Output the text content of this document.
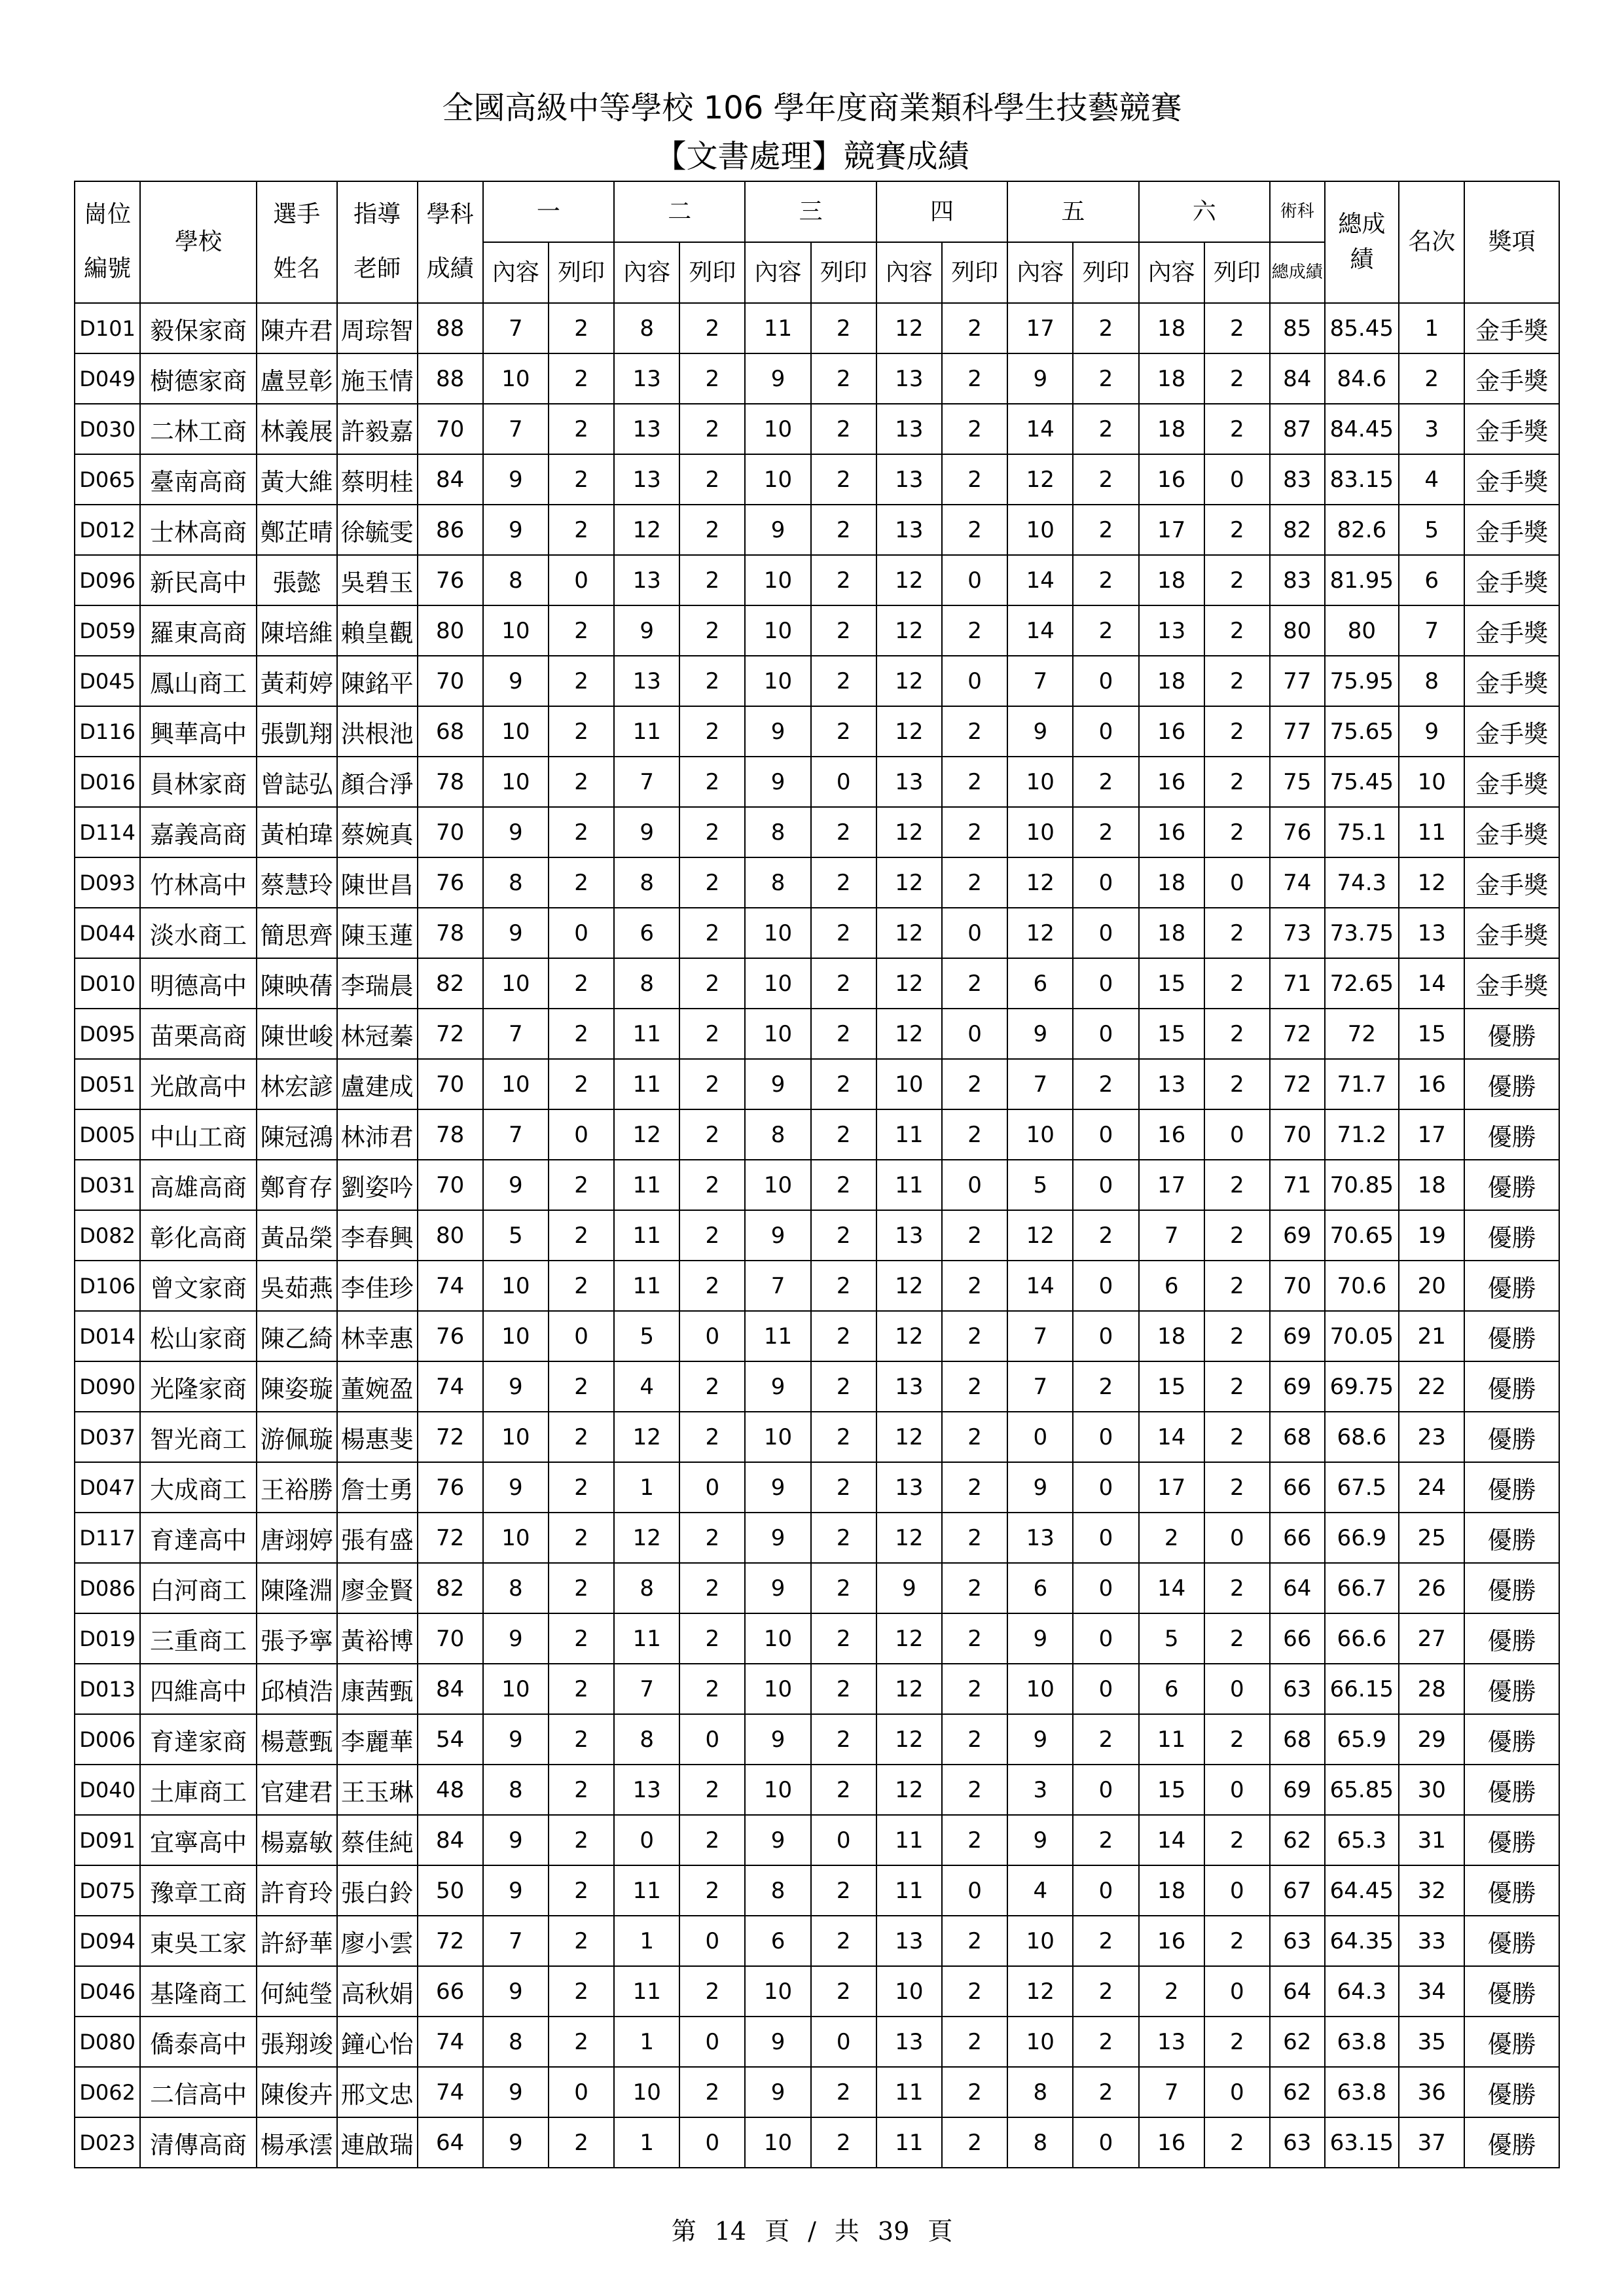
全國高級中等學校 106 學年度商業類科學生技藝競賽
【文書處理】競賽成績
崗位編號	學校	選手姓名	指導老師	學科成績	一		二		三		四		五		六		術科	總成績	名次	獎項
					內容	列印	內容	列印	內容	列印	內容	列印	內容	列印	內容	列印	總成績			
D101	毅保家商	陳卉君	周琮智	88	7	2	8	2	11	2	12	2	17	2	18	2	85	85.45	1	金手獎
D049	樹德家商	盧昱彰	施玉情	88	10	2	13	2	9	2	13	2	9	2	18	2	84	84.6	2	金手獎
D030	二林工商	林義展	許毅嘉	70	7	2	13	2	10	2	13	2	14	2	18	2	87	84.45	3	金手獎
D065	臺南高商	黃大維	蔡明桂	84	9	2	13	2	10	2	13	2	12	2	16	0	83	83.15	4	金手獎
D012	士林高商	鄭芷晴	徐毓雯	86	9	2	12	2	9	2	13	2	10	2	17	2	82	82.6	5	金手獎
D096	新民高中	張懿	吳碧玉	76	8	0	13	2	10	2	12	0	14	2	18	2	83	81.95	6	金手獎
D059	羅東高商	陳培維	賴皇觀	80	10	2	9	2	10	2	12	2	14	2	13	2	80	80	7	金手獎
D045	鳳山商工	黃莉婷	陳銘平	70	9	2	13	2	10	2	12	0	7	0	18	2	77	75.95	8	金手獎
D116	興華高中	張凱翔	洪根池	68	10	2	11	2	9	2	12	2	9	0	16	2	77	75.65	9	金手獎
D016	員林家商	曾誌弘	顏合淨	78	10	2	7	2	9	0	13	2	10	2	16	2	75	75.45	10	金手獎
D114	嘉義高商	黃柏瑋	蔡婉真	70	9	2	9	2	8	2	12	2	10	2	16	2	76	75.1	11	金手獎
D093	竹林高中	蔡慧玲	陳世昌	76	8	2	8	2	8	2	12	2	12	0	18	0	74	74.3	12	金手獎
D044	淡水商工	簡思齊	陳玉蓮	78	9	0	6	2	10	2	12	0	12	0	18	2	73	73.75	13	金手獎
D010	明德高中	陳映蒨	李瑞晨	82	10	2	8	2	10	2	12	2	6	0	15	2	71	72.65	14	金手獎
D095	苗栗高商	陳世峻	林冠蓁	72	7	2	11	2	10	2	12	0	9	0	15	2	72	72	15	優勝
D051	光啟高中	林宏諺	盧建成	70	10	2	11	2	9	2	10	2	7	2	13	2	72	71.7	16	優勝
D005	中山工商	陳冠鴻	林沛君	78	7	0	12	2	8	2	11	2	10	0	16	0	70	71.2	17	優勝
D031	高雄高商	鄭育存	劉姿吟	70	9	2	11	2	10	2	11	0	5	0	17	2	71	70.85	18	優勝
D082	彰化高商	黃品榮	李春興	80	5	2	11	2	9	2	13	2	12	2	7	2	69	70.65	19	優勝
D106	曾文家商	吳茹燕	李佳珍	74	10	2	11	2	7	2	12	2	14	0	6	2	70	70.6	20	優勝
D014	松山家商	陳乙綺	林幸惠	76	10	0	5	0	11	2	12	2	7	0	18	2	69	70.05	21	優勝
D090	光隆家商	陳姿璇	董婉盈	74	9	2	4	2	9	2	13	2	7	2	15	2	69	69.75	22	優勝
D037	智光商工	游佩璇	楊惠斐	72	10	2	12	2	10	2	12	2	0	0	14	2	68	68.6	23	優勝
D047	大成商工	王裕勝	詹士勇	76	9	2	1	0	9	2	13	2	9	0	17	2	66	67.5	24	優勝
D117	育達高中	唐翊婷	張有盛	72	10	2	12	2	9	2	12	2	13	0	2	0	66	66.9	25	優勝
D086	白河商工	陳隆淵	廖金賢	82	8	2	8	2	9	2	9	2	6	0	14	2	64	66.7	26	優勝
D019	三重商工	張予寧	黃裕博	70	9	2	11	2	10	2	12	2	9	0	5	2	66	66.6	27	優勝
D013	四維高中	邱楨浩	康茜甄	84	10	2	7	2	10	2	12	2	10	0	6	0	63	66.15	28	優勝
D006	育達家商	楊薏甄	李麗華	54	9	2	8	0	9	2	12	2	9	2	11	2	68	65.9	29	優勝
D040	土庫商工	官建君	王玉琳	48	8	2	13	2	10	2	12	2	3	0	15	0	69	65.85	30	優勝
D091	宜寧高中	楊嘉敏	蔡佳純	84	9	2	0	2	9	0	11	2	9	2	14	2	62	65.3	31	優勝
D075	豫章工商	許育玲	張白鈴	50	9	2	11	2	8	2	11	0	4	0	18	0	67	64.45	32	優勝
D094	東吳工家	許紓華	廖小雲	72	7	2	1	0	6	2	13	2	10	2	16	2	63	64.35	33	優勝
D046	基隆商工	何純瑩	高秋娟	66	9	2	11	2	10	2	10	2	12	2	2	0	64	64.3	34	優勝
D080	僑泰高中	張翔竣	鐘心怡	74	8	2	1	0	9	0	13	2	10	2	13	2	62	63.8	35	優勝
D062	二信高中	陳俊卉	邢文忠	74	9	0	10	2	9	2	11	2	8	2	7	0	62	63.8	36	優勝
D023	清傳高商	楊承澐	連啟瑞	64	9	2	1	0	10	2	11	2	8	0	16	2	63	63.15	37	優勝
第 14 頁 / 共 39 頁
